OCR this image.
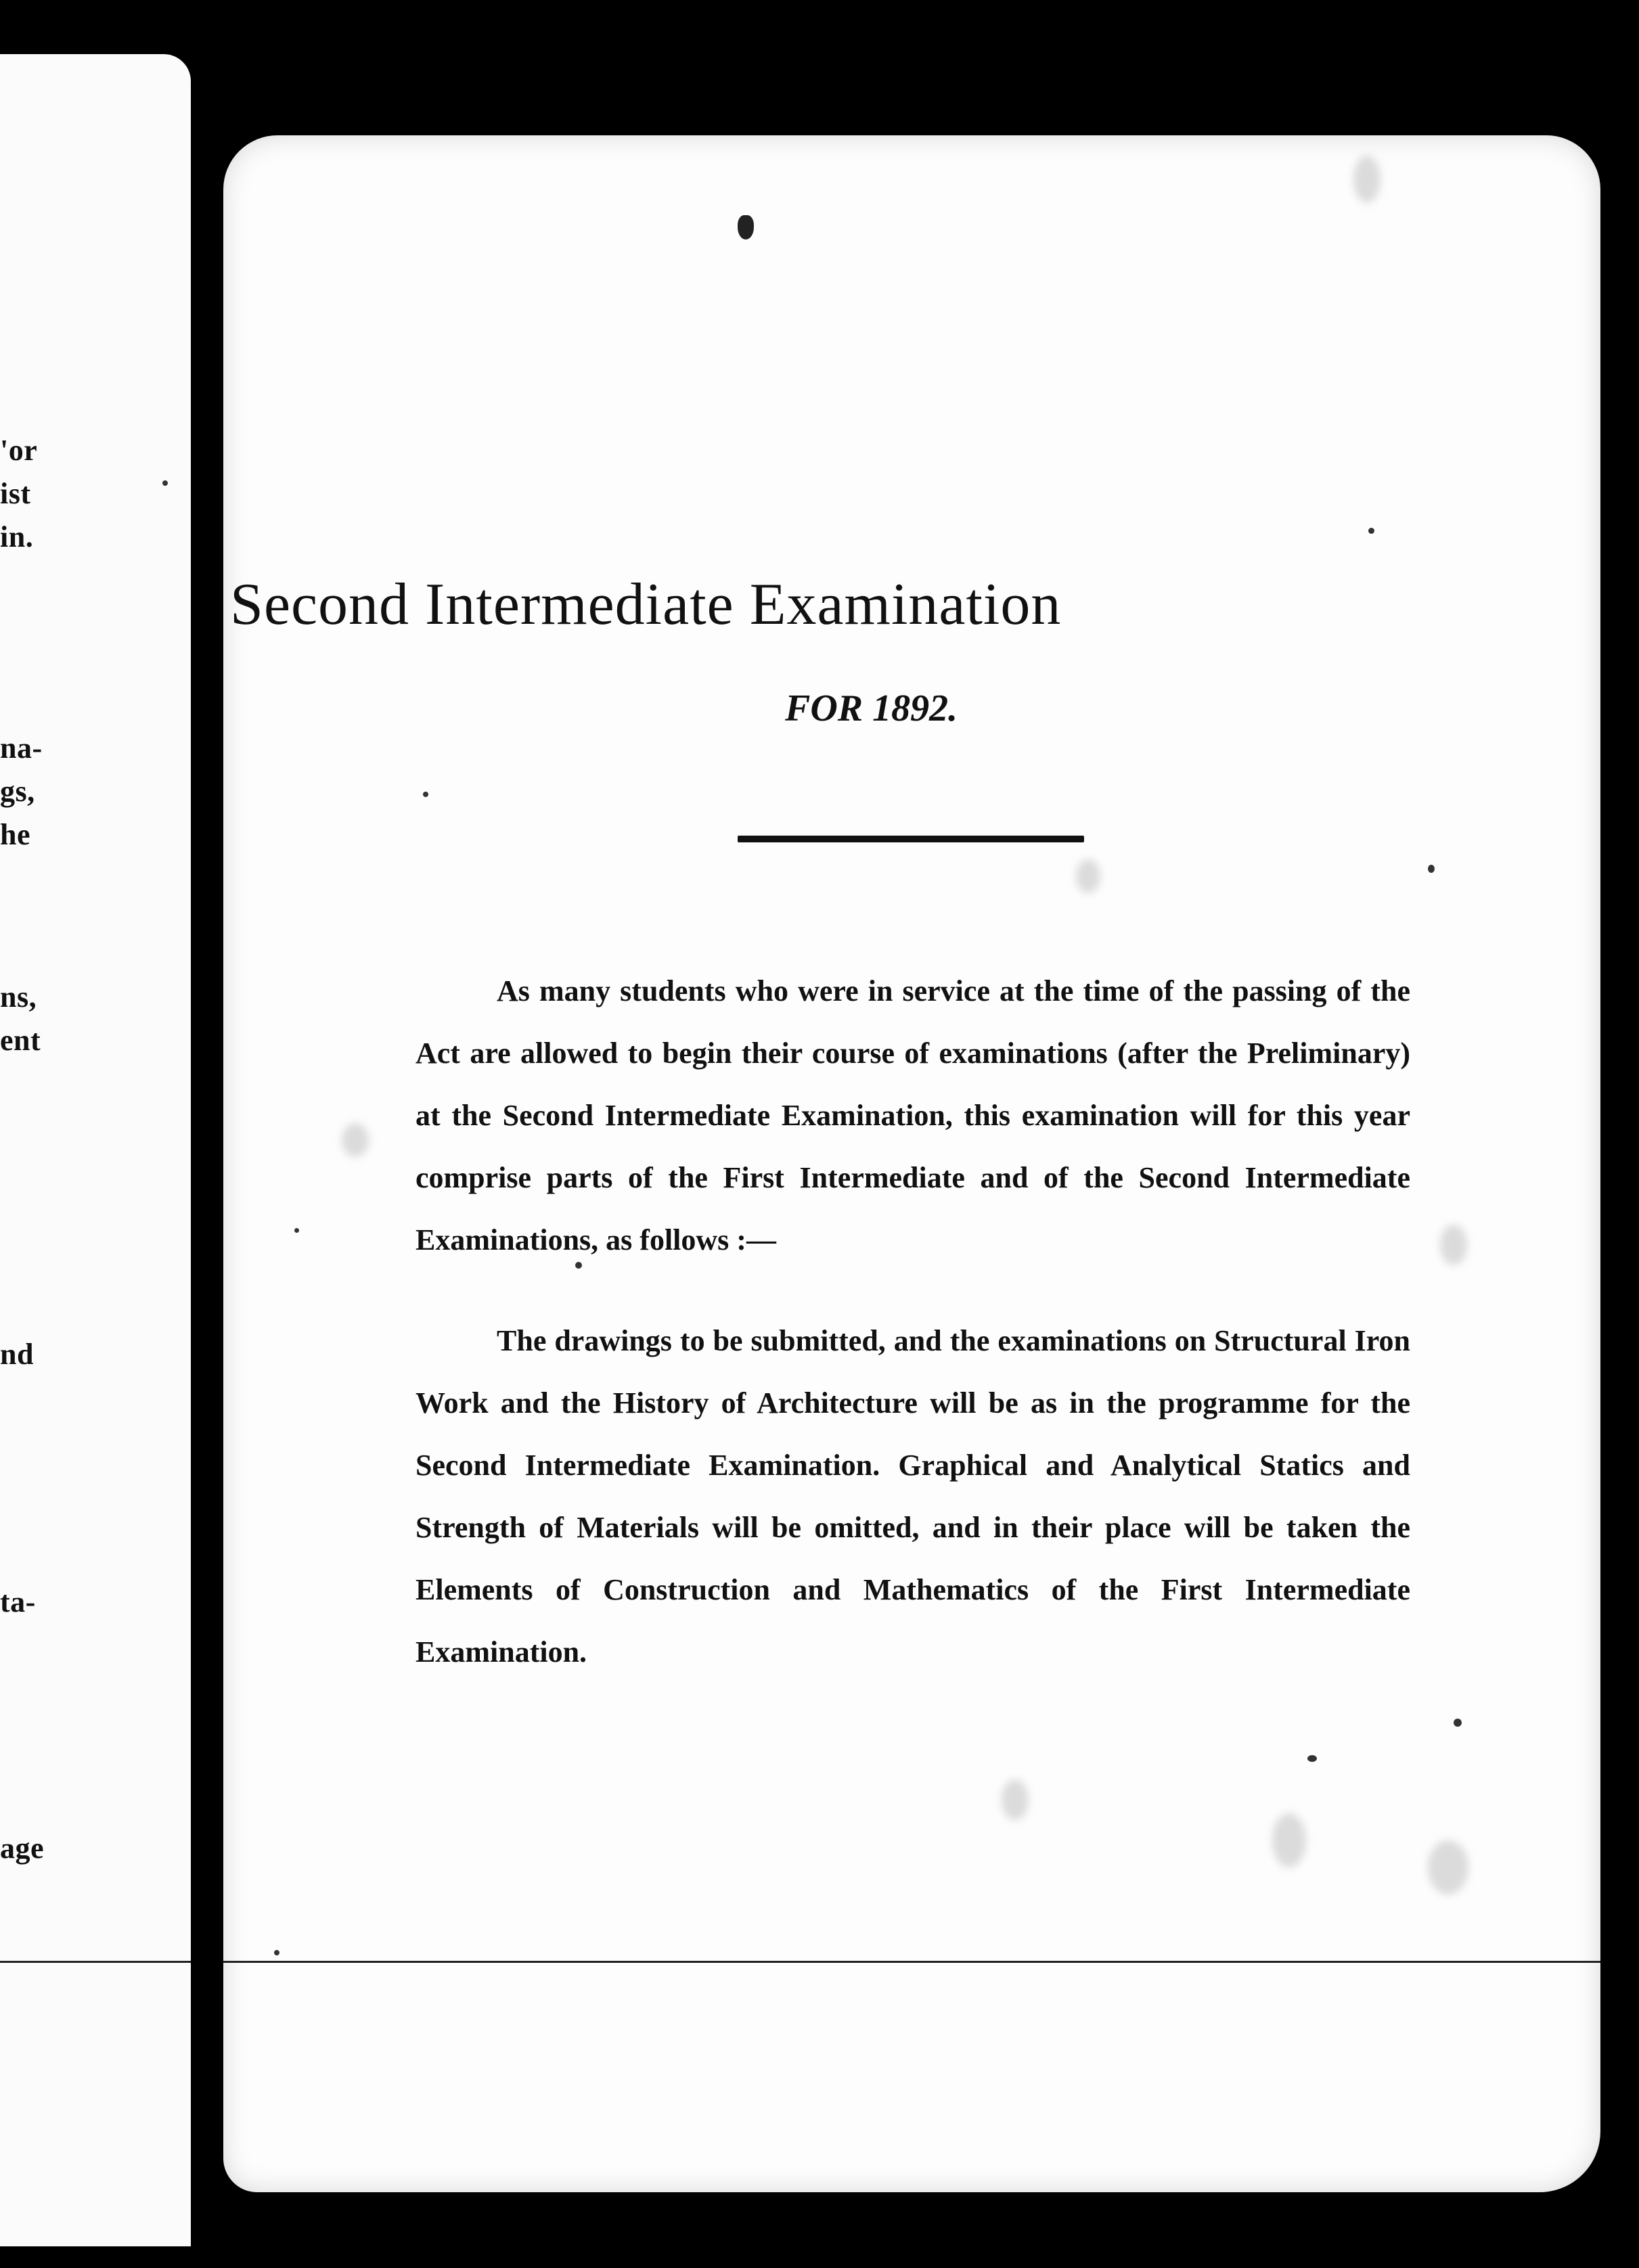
'or
ist
in.
na-
gs,
he
ns,
ent
nd
ta-
age
Second Intermediate Examination
FOR 1892.

As many students who were in service at the time of the passing of the Act are allowed to begin their course of examinations (after the Preliminary) at the Second Intermediate Examination, this examination will for this year comprise parts of the First Intermediate and of the Second Intermediate Examinations, as follows :—

The drawings to be submitted, and the examinations on Structural Iron Work and the History of Architecture will be as in the programme for the Second Intermediate Examination. Graphical and Analytical Statics and Strength of Materials will be omitted, and in their place will be taken the Elements of Construction and Mathematics of the First Intermediate Examination.
